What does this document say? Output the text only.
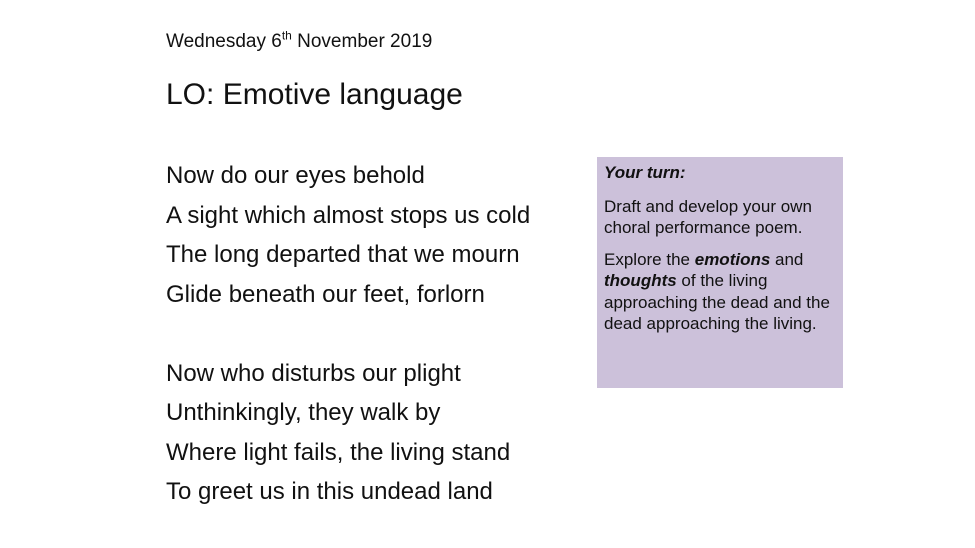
Wednesday 6th November 2019
LO: Emotive language
Now do our eyes behold
A sight which almost stops us cold
The long departed that we mourn
Glide beneath our feet, forlorn
Now who disturbs our plight
Unthinkingly, they walk by
Where light fails, the living stand
To greet us in this undead land
Your turn:
Draft and develop your own choral performance poem.
Explore the emotions and thoughts of the living approaching the dead and the dead approaching the living.
